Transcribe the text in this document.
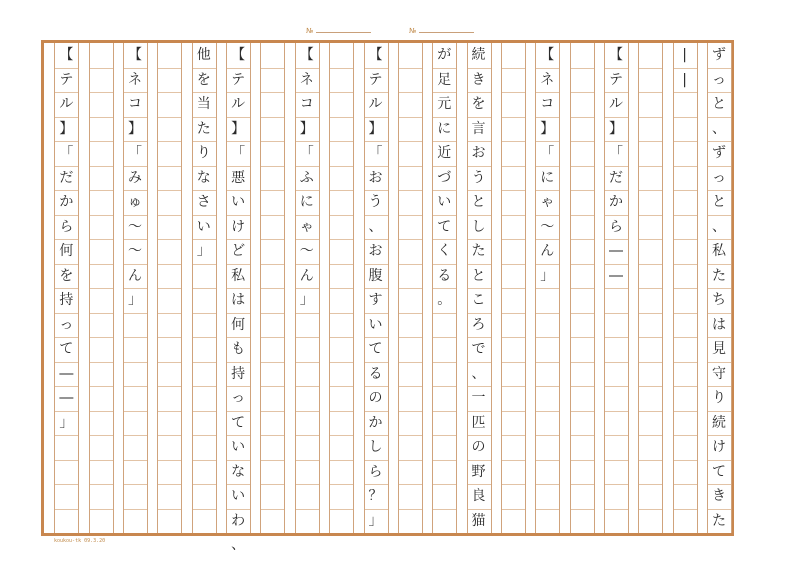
№	№
ず
っ
と
、
ず
っ
と
、
私
た
ち
は
見
守
り
続
け
て
き
た
|
|
【
テ
ル
】
「
だ
か
ら
―
―
【
ネ
コ
】
「
に
ゃ
～
ん
」
続
き
を
言
お
う
と
し
た
と
こ
ろ
で
、
一
匹
の
野
良
猫
が
足
元
に
近
づ
い
て
く
る
。
【
テ
ル
】
「
お
う
、
お
腹
す
い
て
る
の
か
し
ら
？
」
【
ネ
コ
】
「
ふ
に
ゃ
～
ん
」
【
テ
ル
】
「
悪
い
け
ど
私
は
何
も
持
っ
て
い
な
い
わ
、
他
を
当
た
り
な
さ
い
」
【
ネ
コ
】
「
み
ゅ
～
～
ん
」
【
テ
ル
】
「
だ
か
ら
何
を
持
っ
て
―
―
」
koukou-tk 09.3.20
